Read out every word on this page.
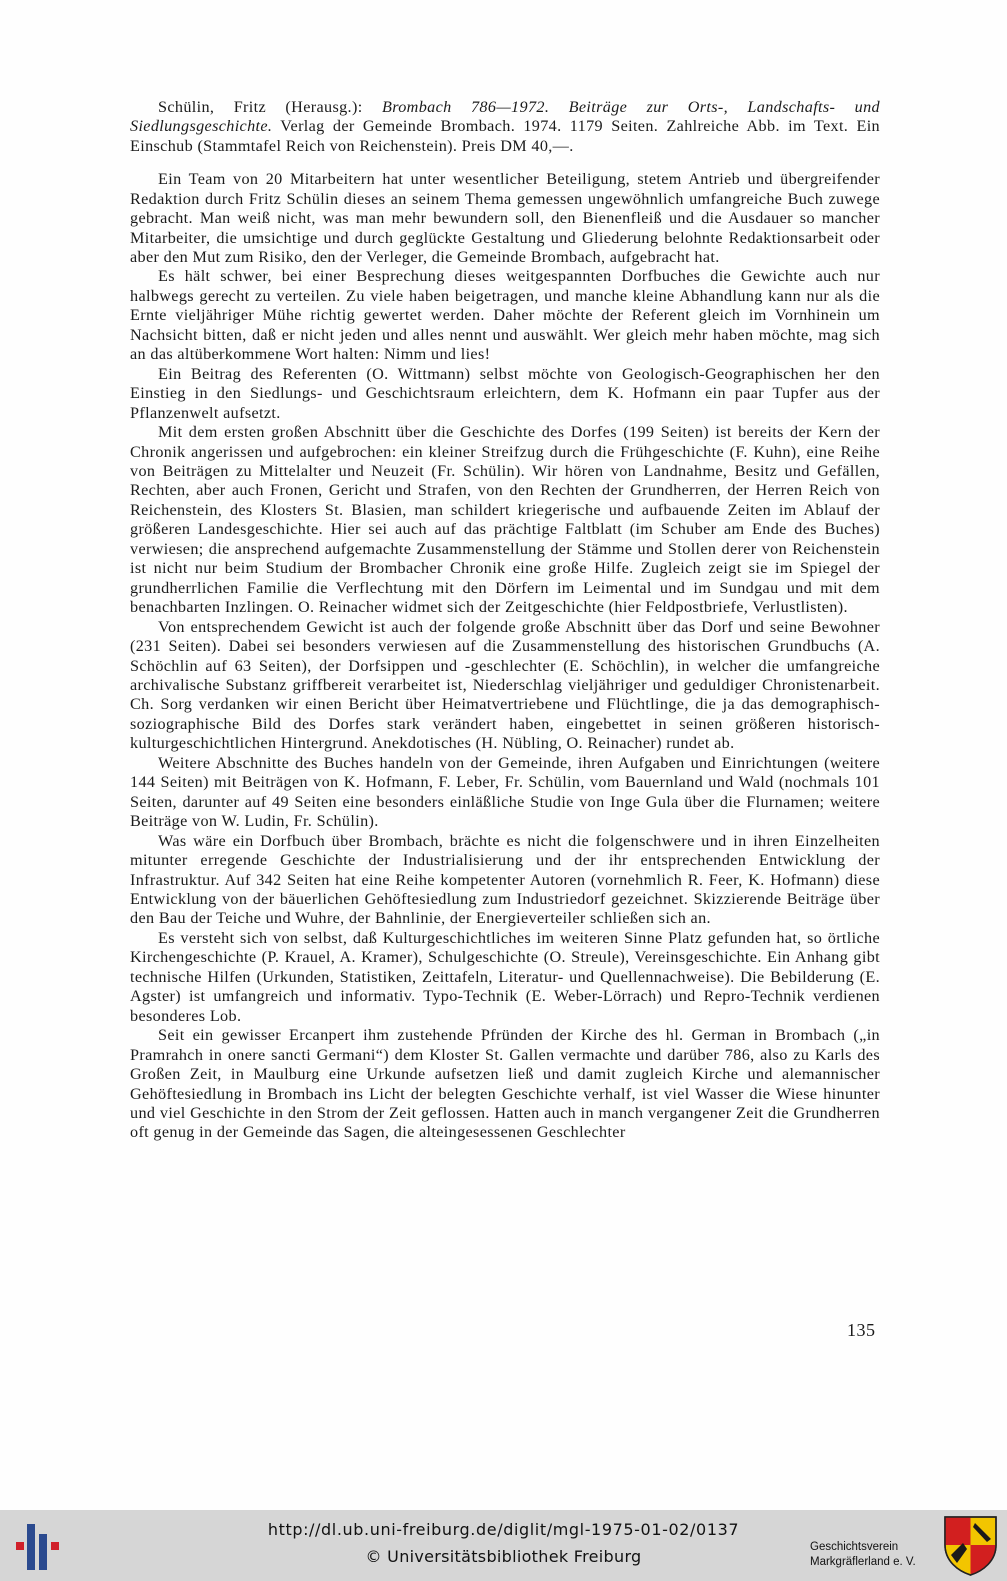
Schülin, Fritz (Herausg.): Brombach 786—1972. Beiträge zur Orts-, Landschafts- und Siedlungsgeschichte. Verlag der Gemeinde Brombach. 1974. 1179 Seiten. Zahlreiche Abb. im Text. Ein Einschub (Stammtafel Reich von Reichenstein). Preis DM 40,—.

Ein Team von 20 Mitarbeitern hat unter wesentlicher Beteiligung, stetem Antrieb und übergreifender Redaktion durch Fritz Schülin dieses an seinem Thema gemessen ungewöhnlich umfangreiche Buch zuwege gebracht. Man weiß nicht, was man mehr bewundern soll, den Bienenfleiß und die Ausdauer so mancher Mitarbeiter, die umsichtige und durch geglückte Gestaltung und Gliederung belohnte Redaktionsarbeit oder aber den Mut zum Risiko, den der Verleger, die Gemeinde Brombach, aufgebracht hat.

Es hält schwer, bei einer Besprechung dieses weitgespannten Dorfbuches die Gewichte auch nur halbwegs gerecht zu verteilen. Zu viele haben beigetragen, und manche kleine Abhandlung kann nur als die Ernte vieljähriger Mühe richtig gewertet werden. Daher möchte der Referent gleich im Vornhinein um Nachsicht bitten, daß er nicht jeden und alles nennt und auswählt. Wer gleich mehr haben möchte, mag sich an das altüberkommene Wort halten: Nimm und lies!

Ein Beitrag des Referenten (O. Wittmann) selbst möchte von Geologisch-Geographischen her den Einstieg in den Siedlungs- und Geschichtsraum erleichtern, dem K. Hofmann ein paar Tupfer aus der Pflanzenwelt aufsetzt.

Mit dem ersten großen Abschnitt über die Geschichte des Dorfes (199 Seiten) ist bereits der Kern der Chronik angerissen und aufgebrochen: ein kleiner Streifzug durch die Frühgeschichte (F. Kuhn), eine Reihe von Beiträgen zu Mittelalter und Neuzeit (Fr. Schülin). Wir hören von Landnahme, Besitz und Gefällen, Rechten, aber auch Fronen, Gericht und Strafen, von den Rechten der Grundherren, der Herren Reich von Reichenstein, des Klosters St. Blasien, man schildert kriegerische und aufbauende Zeiten im Ablauf der größeren Landesgeschichte. Hier sei auch auf das prächtige Faltblatt (im Schuber am Ende des Buches) verwiesen; die ansprechend aufgemachte Zusammenstellung der Stämme und Stollen derer von Reichenstein ist nicht nur beim Studium der Brombacher Chronik eine große Hilfe. Zugleich zeigt sie im Spiegel der grundherrlichen Familie die Verflechtung mit den Dörfern im Leimental und im Sundgau und mit dem benachbarten Inzlingen. O. Reinacher widmet sich der Zeitgeschichte (hier Feldpostbriefe, Verlustlisten).

Von entsprechendem Gewicht ist auch der folgende große Abschnitt über das Dorf und seine Bewohner (231 Seiten). Dabei sei besonders verwiesen auf die Zusammenstellung des historischen Grundbuchs (A. Schöchlin auf 63 Seiten), der Dorfsippen und -geschlechter (E. Schöchlin), in welcher die umfangreiche archivalische Substanz griffbereit verarbeitet ist, Niederschlag vieljähriger und geduldiger Chronistenarbeit. Ch. Sorg verdanken wir einen Bericht über Heimatvertriebene und Flüchtlinge, die ja das demographisch-soziographische Bild des Dorfes stark verändert haben, eingebettet in seinen größeren historisch-kulturgeschichtlichen Hintergrund. Anekdotisches (H. Nübling, O. Reinacher) rundet ab.

Weitere Abschnitte des Buches handeln von der Gemeinde, ihren Aufgaben und Einrichtungen (weitere 144 Seiten) mit Beiträgen von K. Hofmann, F. Leber, Fr. Schülin, vom Bauernland und Wald (nochmals 101 Seiten, darunter auf 49 Seiten eine besonders einläßliche Studie von Inge Gula über die Flurnamen; weitere Beiträge von W. Ludin, Fr. Schülin).

Was wäre ein Dorfbuch über Brombach, brächte es nicht die folgenschwere und in ihren Einzelheiten mitunter erregende Geschichte der Industrialisierung und der ihr entsprechenden Entwicklung der Infrastruktur. Auf 342 Seiten hat eine Reihe kompetenter Autoren (vornehmlich R. Feer, K. Hofmann) diese Entwicklung von der bäuerlichen Gehöftesiedlung zum Industriedorf gezeichnet. Skizzierende Beiträge über den Bau der Teiche und Wuhre, der Bahnlinie, der Energieverteiler schließen sich an.

Es versteht sich von selbst, daß Kulturgeschichtliches im weiteren Sinne Platz gefunden hat, so örtliche Kirchengeschichte (P. Krauel, A. Kramer), Schulgeschichte (O. Streule), Vereinsgeschichte. Ein Anhang gibt technische Hilfen (Urkunden, Statistiken, Zeittafeln, Literatur- und Quellennachweise). Die Bebilderung (E. Agster) ist umfangreich und informativ. Typo-Technik (E. Weber-Lörrach) und Repro-Technik verdienen besonderes Lob.

Seit ein gewisser Ercanpert ihm zustehende Pfründen der Kirche des hl. German in Brombach („in Pramrahch in onere sancti Germani“) dem Kloster St. Gallen vermachte und darüber 786, also zu Karls des Großen Zeit, in Maulburg eine Urkunde aufsetzen ließ und damit zugleich Kirche und alemannischer Gehöftesiedlung in Brombach ins Licht der belegten Geschichte verhalf, ist viel Wasser die Wiese hinunter und viel Geschichte in den Strom der Zeit geflossen. Hatten auch in manch vergangener Zeit die Grundherren oft genug in der Gemeinde das Sagen, die alteingesessenen Geschlechter

135
http://dl.ub.uni-freiburg.de/diglit/mgl-1975-01-02/0137
© Universitätsbibliothek Freiburg	Geschichtsverein
Markgräflerland e. V.
